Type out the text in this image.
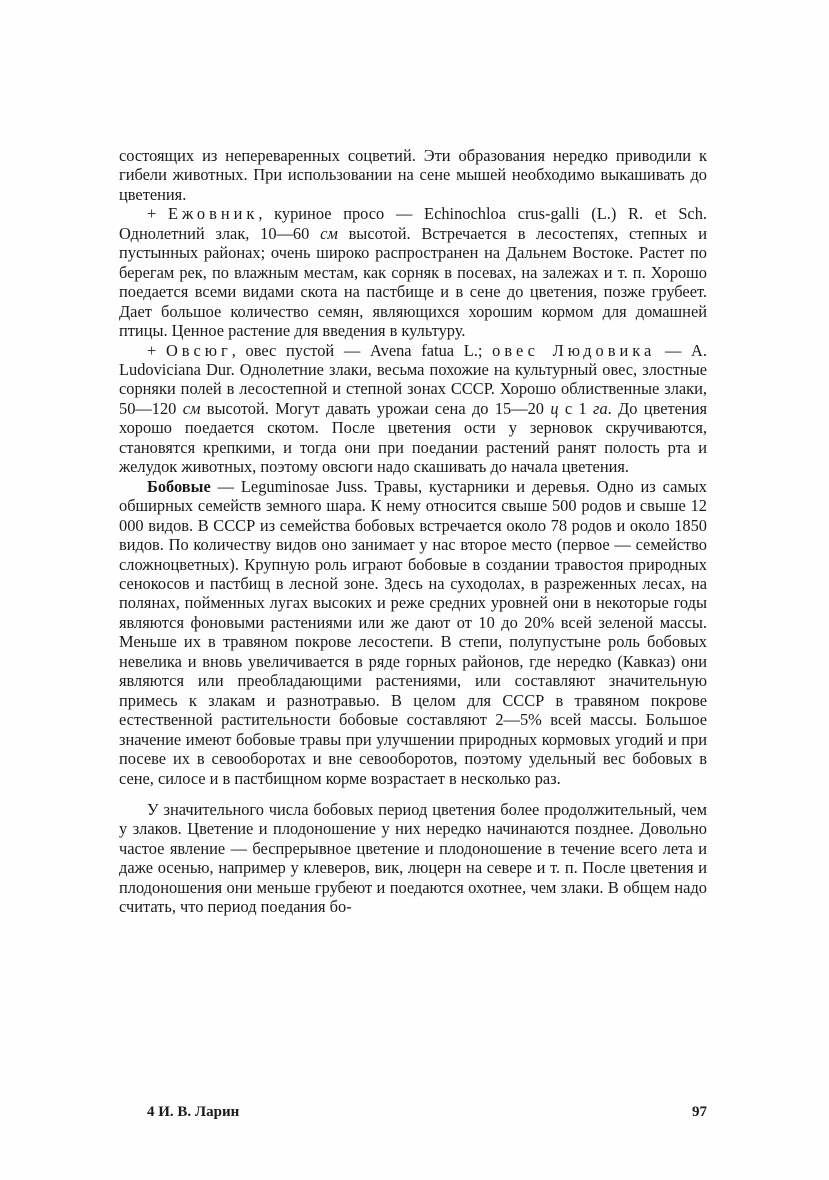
состоящих из непереваренных соцветий. Эти образования нередко приводили к гибели животных. При использовании на сене мышей необходимо выкашивать до цветения.

+ Ежовник, куриное просо — Echinochloa crus-galli (L.) R. et Sch. Однолетний злак, 10—60 см высотой. Встречается в лесостепях, степных и пустынных районах; очень широко распространен на Дальнем Востоке. Растет по берегам рек, по влажным местам, как сорняк в посевах, на залежах и т. п. Хорошо поедается всеми видами скота на пастбище и в сене до цветения, позже грубеет. Дает большое количество семян, являющихся хорошим кормом для домашней птицы. Ценное растение для введения в культуру.

+ Овсюг, овес пустой — Avena fatua L.; овес Людовика — A. Ludoviciana Dur. Однолетние злаки, весьма похожие на культурный овес, злостные сорняки полей в лесостепной и степной зонах СССР. Хорошо облиственные злаки, 50—120 см высотой. Могут давать урожаи сена до 15—20 ц с 1 га. До цветения хорошо поедается скотом. После цветения ости у зерновок скручиваются, становятся крепкими, и тогда они при поедании растений ранят полость рта и желудок животных, поэтому овсюги надо скашивать до начала цветения.

Бобовые — Leguminosae Juss. Травы, кустарники и деревья. Одно из самых обширных семейств земного шара. К нему относится свыше 500 родов и свыше 12 000 видов. В СССР из семейства бобовых встречается около 78 родов и около 1850 видов. По количеству видов оно занимает у нас второе место (первое — семейство сложноцветных). Крупную роль играют бобовые в создании травостоя природных сенокосов и пастбищ в лесной зоне. Здесь на суходолах, в разреженных лесах, на полянах, пойменных лугах высоких и реже средних уровней они в некоторые годы являются фоновыми растениями или же дают от 10 до 20% всей зеленой массы. Меньше их в травяном покрове лесостепи. В степи, полупустыне роль бобовых невелика и вновь увеличивается в ряде горных районов, где нередко (Кавказ) они являются или преобладающими растениями, или составляют значительную примесь к злакам и разнотравью. В целом для СССР в травяном покрове естественной растительности бобовые составляют 2—5% всей массы. Большое значение имеют бобовые травы при улучшении природных кормовых угодий и при посеве их в севооборотах и вне севооборотов, поэтому удельный вес бобовых в сене, силосе и в пастбищном корме возрастает в несколько раз.

У значительного числа бобовых период цветения более продолжительный, чем у злаков. Цветение и плодоношение у них нередко начинаются позднее. Довольно частое явление — беспрерывное цветение и плодоношение в течение всего лета и даже осенью, например у клеверов, вик, люцерн на севере и т. п. После цветения и плодоношения они меньше грубеют и поедаются охотнее, чем злаки. В общем надо считать, что период поедания бо-

4 И. В. Ларин	97
